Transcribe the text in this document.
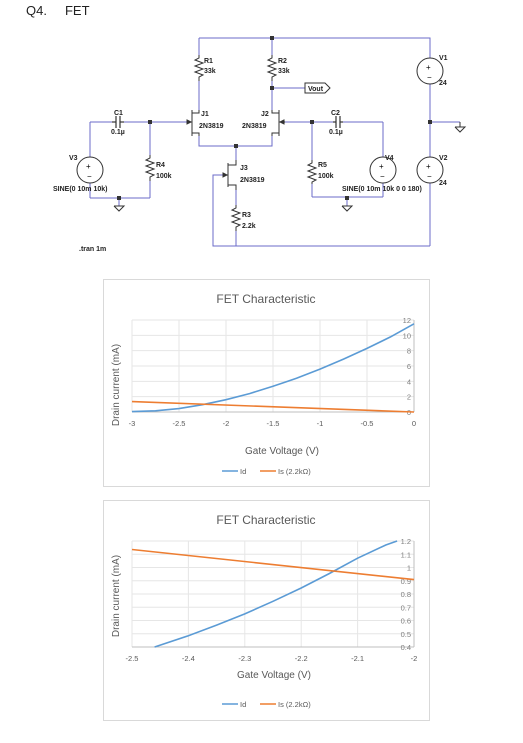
Q4. FET
+
−
+
−
+
−
+
−
R1
33k
R2
33k
J1
2N3819
J2
2N3819
J3
2N3819
R3
2.2k
R4
100k
R5
100k
C1
0.1µ
C2
0.1µ
V1
24
V2
24
V3
SINE(0 10m 10k)
V4
SINE(0 10m 10k 0 0 180)
Vout
.tran 1m
FET Characteristic
-3	-2.5	-2	-1.5	-1	-0.5	0
0
2
4
6
8
10
12
Drain current (mA)
Gate Voltage (V)
Id	Is (2.2kΩ)
FET Characteristic
-2.5	-2.4	-2.3	-2.2	-2.1	-2
0.4
0.5
0.6
0.7
0.8
0.9
1
1.1
1.2
Drain current (mA)
Gate Voltage (V)
Id	Is (2.2kΩ)
